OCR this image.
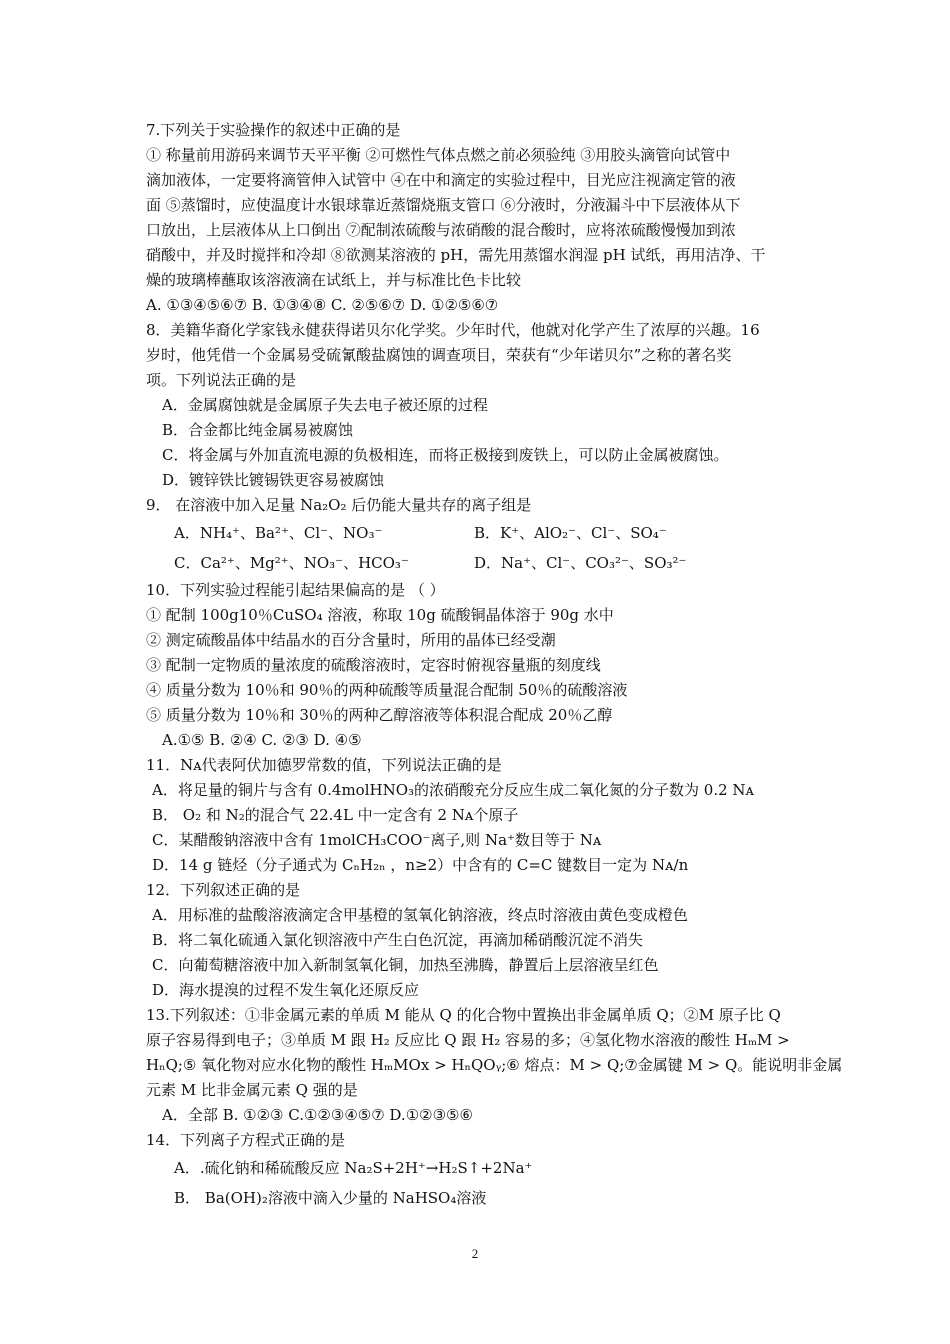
7.下列关于实验操作的叙述中正确的是
① 称量前用游码来调节天平平衡 ②可燃性气体点燃之前必须验纯 ③用胶头滴管向试管中
滴加液体，一定要将滴管伸入试管中 ④在中和滴定的实验过程中，目光应注视滴定管的液
面 ⑤蒸馏时，应使温度计水银球靠近蒸馏烧瓶支管口 ⑥分液时，分液漏斗中下层液体从下
口放出，上层液体从上口倒出 ⑦配制浓硫酸与浓硝酸的混合酸时，应将浓硫酸慢慢加到浓
硝酸中，并及时搅拌和冷却 ⑧欲测某溶液的 pH，需先用蒸馏水润湿 pH 试纸，再用洁净、干
燥的玻璃棒蘸取该溶液滴在试纸上，并与标准比色卡比较
A. ①③④⑤⑥⑦ B. ①③④⑧ C. ②⑤⑥⑦ D. ①②⑤⑥⑦
8．美籍华裔化学家钱永健获得诺贝尔化学奖。少年时代，他就对化学产生了浓厚的兴趣。16
岁时，他凭借一个金属易受硫氰酸盐腐蚀的调查项目，荣获有“少年诺贝尔”之称的著名奖
项。下列说法正确的是
A．金属腐蚀就是金属原子失去电子被还原的过程
B．合金都比纯金属易被腐蚀
C．将金属与外加直流电源的负极相连，而将正极接到废铁上，可以防止金属被腐蚀。
D．镀锌铁比镀锡铁更容易被腐蚀
9． 在溶液中加入足量 Na₂O₂ 后仍能大量共存的离子组是
A．NH₄⁺、Ba²⁺、Cl⁻、NO₃⁻	B．K⁺、AlO₂⁻、Cl⁻、SO₄⁻
C．Ca²⁺、Mg²⁺、NO₃⁻、HCO₃⁻	D．Na⁺、Cl⁻、CO₃²⁻、SO₃²⁻
10．下列实验过程能引起结果偏高的是 （ ）
① 配制 100g10％CuSO₄ 溶液，称取 10g 硫酸铜晶体溶于 90g 水中
② 测定硫酸晶体中结晶水的百分含量时，所用的晶体已经受潮
③ 配制一定物质的量浓度的硫酸溶液时，定容时俯视容量瓶的刻度线
④ 质量分数为 10％和 90％的两种硫酸等质量混合配制 50％的硫酸溶液
⑤ 质量分数为 10％和 30％的两种乙醇溶液等体积混合配成 20％乙醇
A.①⑤ B. ②④ C. ②③ D. ④⑤
11．Nᴀ代表阿伏加德罗常数的值，下列说法正确的是
A．将足量的铜片与含有 0.4molHNO₃的浓硝酸充分反应生成二氧化氮的分子数为 0.2 Nᴀ
B． O₂ 和 N₂的混合气 22.4L 中一定含有 2 Nᴀ个原子
C．某醋酸钠溶液中含有 1molCH₃COO⁻离子,则 Na⁺数目等于 Nᴀ
D．14 g 链烃（分子通式为 CₙH₂ₙ ，n≥2）中含有的 C=C 键数目一定为 Nᴀ/n
12．下列叙述正确的是
A．用标准的盐酸溶液滴定含甲基橙的氢氧化钠溶液，终点时溶液由黄色变成橙色
B．将二氧化硫通入氯化钡溶液中产生白色沉淀，再滴加稀硝酸沉淀不消失
C．向葡萄糖溶液中加入新制氢氧化铜，加热至沸腾，静置后上层溶液呈红色
D．海水提溴的过程不发生氧化还原反应
13.下列叙述：①非金属元素的单质 M 能从 Q 的化合物中置换出非金属单质 Q；②M 原子比 Q
原子容易得到电子；③单质 M 跟 H₂ 反应比 Q 跟 H₂ 容易的多；④氢化物水溶液的酸性 HₘM >
HₙQ;⑤ 氧化物对应水化物的酸性 HₘMOx > HₙQOᵧ;⑥ 熔点：M > Q;⑦金属键 M > Q。能说明非金属
元素 M 比非金属元素 Q 强的是
A．全部 B. ①②③ C.①②③④⑤⑦ D.①②③⑤⑥
14．下列离子方程式正确的是
A．.硫化钠和稀硫酸反应 Na₂S+2H⁺→H₂S↑+2Na⁺
B． Ba(OH)₂溶液中滴入少量的 NaHSO₄溶液
2
